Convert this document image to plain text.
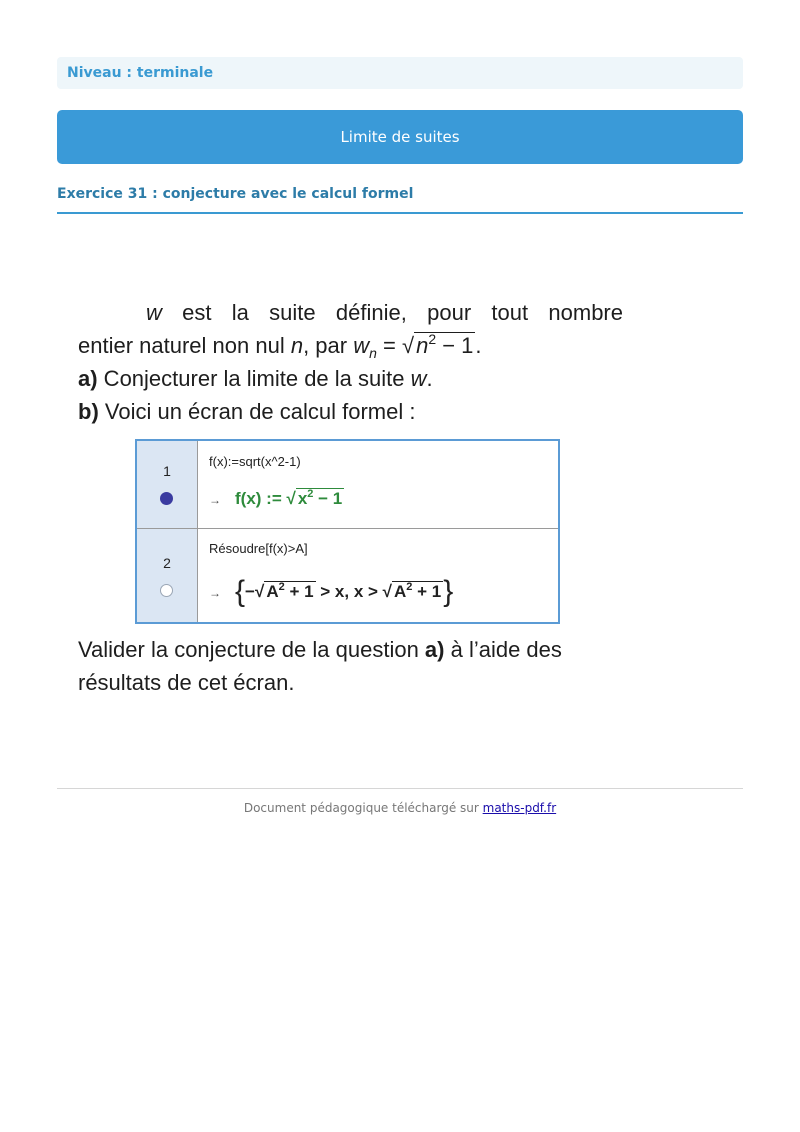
Niveau : terminale
Limite de suites
Exercice 31 : conjecture avec le calcul formel
w est la suite définie, pour tout nombre
entier naturel non nul n, par $w_n = √n^2 - 1$.
a) Conjecturer la limite de la suite w.
b) Voici un écran de calcul formel :
1
f(x):=sqrt(x^2-1)
→ f(x) := √ $x^2 - 1$
2
Résoudre[f(x)>A]
→ {−√ $A^2 + 1 > x$, x > √ $A^2 + 1$}
Valider la conjecture de la question a) à l’aide des résultats de cet écran.
Document pédagogique téléchargé sur maths-pdf.fr
